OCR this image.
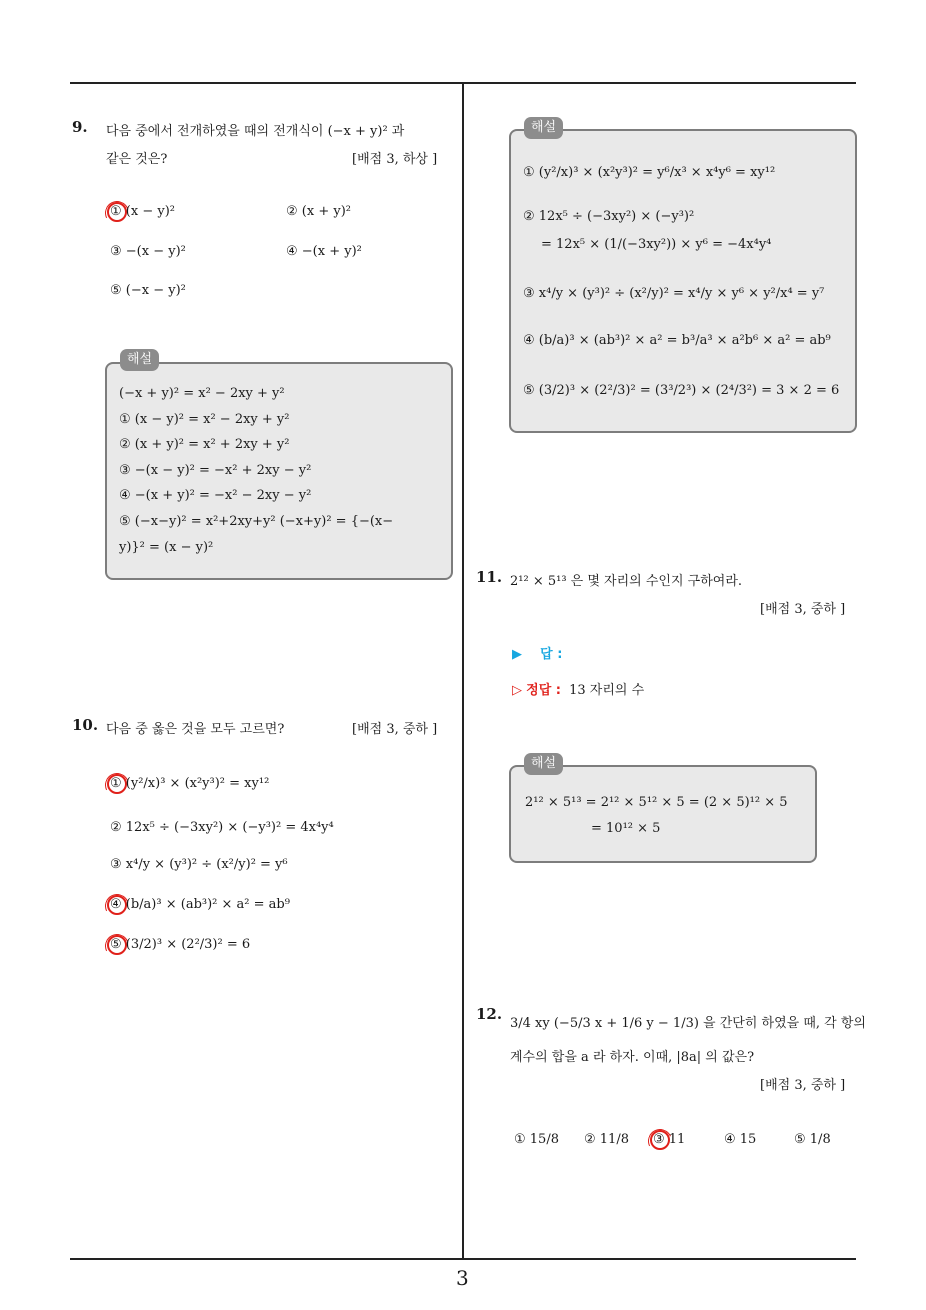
3
9. 다음 중에서 전개하였을 때의 전개식이 (−x + y)² 과
같은 것은?	[배점 3, 하상 ]
① (x − y)²	② (x + y)²
③ −(x − y)²	④ −(x + y)²
⑤ (−x − y)²
(−x + y)² = x² − 2xy + y²
① (x − y)² = x² − 2xy + y²
② (x + y)² = x² + 2xy + y²
③ −(x − y)² = −x² + 2xy − y²
④ −(x + y)² = −x² − 2xy − y²
⑤ (−x−y)² = x²+2xy+y² (−x+y)² = {−(x−
y)}² = (x − y)²
해설
10. 다음 중 옳은 것을 모두 고르면?	[배점 3, 중하 ]
① (y²/x)³ × (x²y³)² = xy¹²
② 12x⁵ ÷ (−3xy²) × (−y³)² = 4x⁴y⁴
③ x⁴/y × (y³)² ÷ (x²/y)² = y⁶
④ (b/a)³ × (ab³)² × a² = ab⁹
⑤ (3/2)³ × (2²/3)² = 6
① (y²/x)³ × (x²y³)² = y⁶/x³ × x⁴y⁶ = xy¹²
② 12x⁵ ÷ (−3xy²) × (−y³)²
= 12x⁵ × (1/(−3xy²)) × y⁶ = −4x⁴y⁴
③ x⁴/y × (y³)² ÷ (x²/y)² = x⁴/y × y⁶ × y²/x⁴ = y⁷
④ (b/a)³ × (ab³)² × a² = b³/a³ × a²b⁶ × a² = ab⁹
⑤ (3/2)³ × (2²/3)² = (3³/2³) × (2⁴/3²) = 3 × 2 = 6
해설
11. 2¹² × 5¹³ 은 몇 자리의 수인지 구하여라.
[배점 3, 중하 ]
▶ 답 :
▷ 정답 : 13 자리의 수
2¹² × 5¹³ = 2¹² × 5¹² × 5 = (2 × 5)¹² × 5
= 10¹² × 5
해설
12.
3/4 xy (−5/3 x + 1/6 y − 1/3) 을 간단히 하였을 때, 각 항의
계수의 합을 a 라 하자. 이때, |8a| 의 값은?
[배점 3, 중하 ]
① 15/8 ② 11/8 ③ 11	④ 15	⑤ 1/8
